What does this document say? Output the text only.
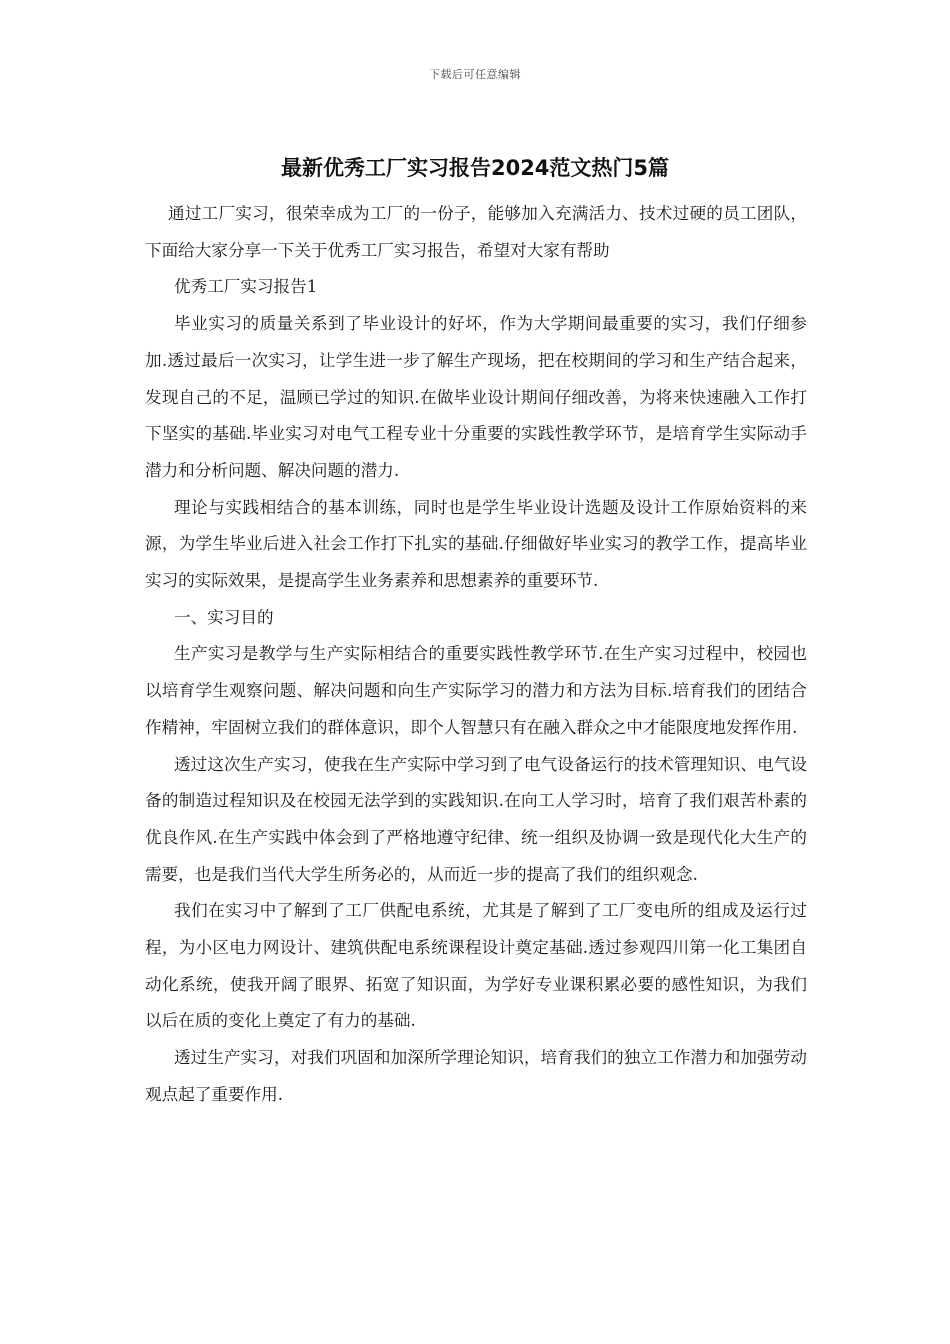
下载后可任意编辑
最新优秀工厂实习报告2024范文热门5篇

通过工厂实习，很荣幸成为工厂的一份子，能够加入充满活力、技术过硬的员工团队，下面给大家分享一下关于优秀工厂实习报告，希望对大家有帮助

优秀工厂实习报告1

毕业实习的质量关系到了毕业设计的好坏，作为大学期间最重要的实习，我们仔细参加.透过最后一次实习，让学生进一步了解生产现场，把在校期间的学习和生产结合起来，发现自己的不足，温顾已学过的知识.在做毕业设计期间仔细改善，为将来快速融入工作打下坚实的基础.毕业实习对电气工程专业十分重要的实践性教学环节，是培育学生实际动手潜力和分析问题、解决问题的潜力.

理论与实践相结合的基本训练，同时也是学生毕业设计选题及设计工作原始资料的来源，为学生毕业后进入社会工作打下扎实的基础.仔细做好毕业实习的教学工作，提高毕业实习的实际效果，是提高学生业务素养和思想素养的重要环节.

一、实习目的

生产实习是教学与生产实际相结合的重要实践性教学环节.在生产实习过程中，校园也以培育学生观察问题、解决问题和向生产实际学习的潜力和方法为目标.培育我们的团结合作精神，牢固树立我们的群体意识，即个人智慧只有在融入群众之中才能限度地发挥作用.

透过这次生产实习，使我在生产实际中学习到了电气设备运行的技术管理知识、电气设备的制造过程知识及在校园无法学到的实践知识.在向工人学习时，培育了我们艰苦朴素的优良作风.在生产实践中体会到了严格地遵守纪律、统一组织及协调一致是现代化大生产的需要，也是我们当代大学生所务必的，从而近一步的提高了我们的组织观念.

我们在实习中了解到了工厂供配电系统，尤其是了解到了工厂变电所的组成及运行过程，为小区电力网设计、建筑供配电系统课程设计奠定基础.透过参观四川第一化工集团自动化系统，使我开阔了眼界、拓宽了知识面，为学好专业课积累必要的感性知识，为我们以后在质的变化上奠定了有力的基础.

透过生产实习，对我们巩固和加深所学理论知识，培育我们的独立工作潜力和加强劳动观点起了重要作用.
